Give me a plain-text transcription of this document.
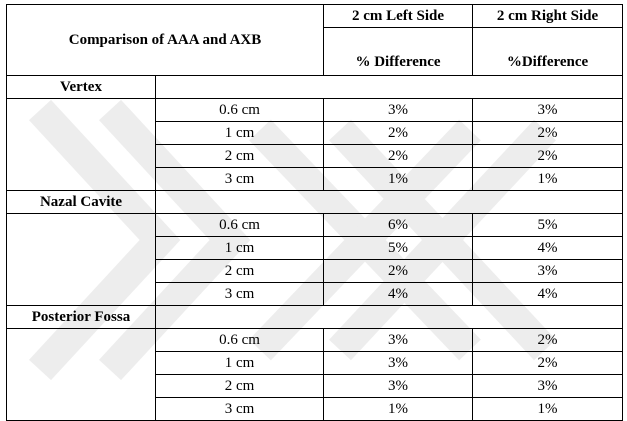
Comparison of AAA and AXB		2 cm Left Side	2 cm Right Side
		% Difference	%Difference
Vertex			
	0.6 cm	3%	3%
	1 cm	2%	2%
	2 cm	2%	2%
	3 cm	1%	1%
Nazal Cavite			
	0.6 cm	6%	5%
	1 cm	5%	4%
	2 cm	2%	3%
	3 cm	4%	4%
Posterior Fossa			
	0.6 cm	3%	2%
	1 cm	3%	2%
	2 cm	3%	3%
	3 cm	1%	1%
